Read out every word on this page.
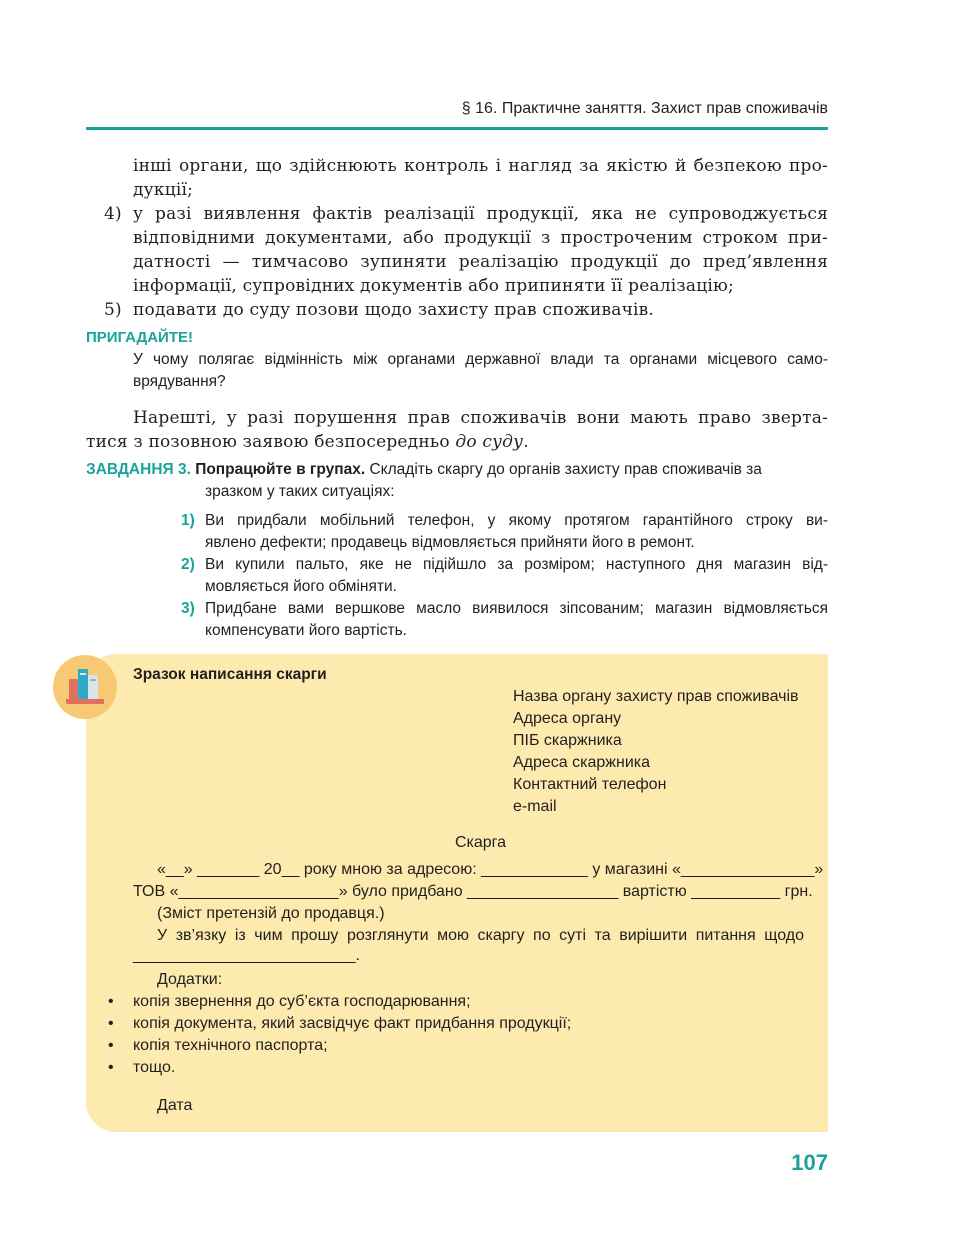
§ 16. Практичне заняття. Захист прав споживачів
інші органи, що здійснюють контроль і нагляд за якістю й безпекою про-
дукції;
4) у разі виявлення фактів реалізації продукції, яка не супроводжується
відповідними документами, або продукції з простроченим строком при-
датності — тимчасово зупиняти реалізацію продукції до пред’явлення
інформації, супровідних документів або припиняти її реалізацію;
5) подавати до суду позови щодо захисту прав споживачів.
ПРИГАДАЙТЕ!
У чому полягає відмінність між органами державної влади та органами місцевого само-
врядування?
Нарешті, у разі порушення прав споживачів вони мають право зверта-
тися з позовною заявою безпосередньо до суду.
ЗАВДАННЯ 3. Попрацюйте в групах. Складіть скаргу до органів захисту прав споживачів за
зразком у таких ситуаціях:
1) Ви придбали мобільний телефон, у якому протягом гарантійного строку ви-
явлено дефекти; продавець відмовляється прийняти його в ремонт.
2) Ви купили пальто, яке не підійшло за розміром; наступного дня магазин від-
мовляється його обміняти.
3) Придбане вами вершкове масло виявилося зіпсованим; магазин відмовляється
компенсувати його вартість.
Зразок написання скарги
Назва органу захисту прав споживачів
Адреса органу
ПІБ скаржника
Адреса скаржника
Контактний телефон
e-mail
Скарга
«__» _______ 20__ року мною за адресою: ____________ у магазині «_______________»
ТОВ «__________________» було придбано _________________ вартістю __________ грн.
(Зміст претензій до продавця.)
У зв’язку із чим прошу розглянути мою скаргу по суті та вирішити питання щодо
_________________________.
Додатки:
• копія звернення до суб’єкта господарювання;
• копія документа, який засвідчує факт придбання продукції;
• копія технічного паспорта;
• тощо.
Дата
107
